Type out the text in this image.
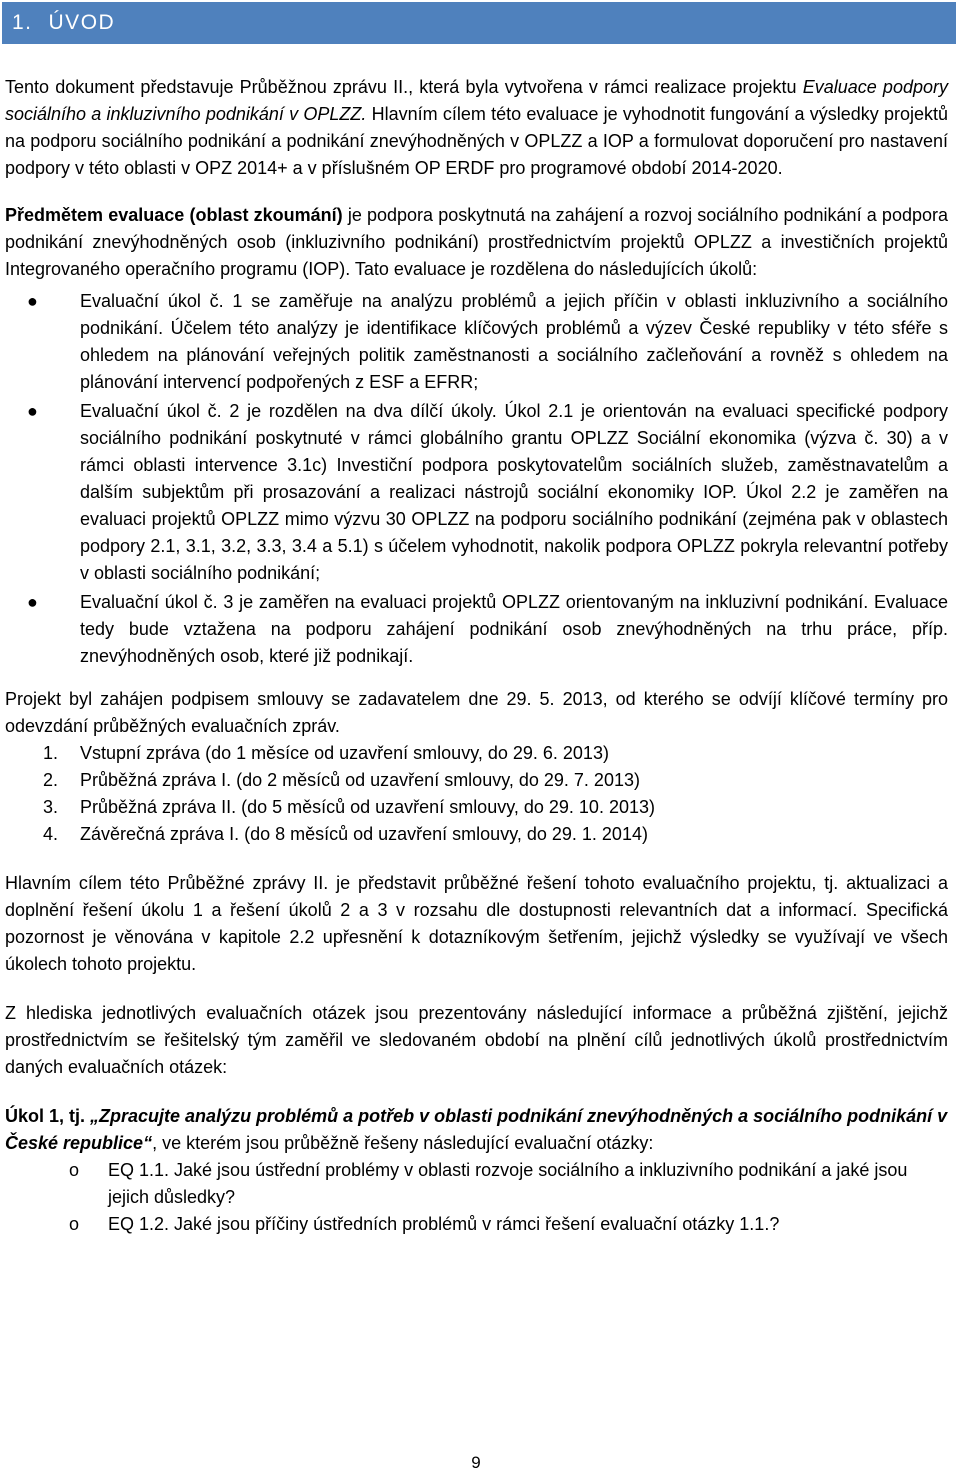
1. ÚVOD

Tento dokument představuje Průběžnou zprávu II., která byla vytvořena v rámci realizace projektu Evaluace podpory sociálního a inkluzivního podnikání v OPLZZ. Hlavním cílem této evaluace je vyhodnotit fungování a výsledky projektů na podporu sociálního podnikání a podnikání znevýhodněných v OPLZZ a IOP a formulovat doporučení pro nastavení podpory v této oblasti v OPZ 2014+ a v příslušném OP ERDF pro programové období 2014-2020.

Předmětem evaluace (oblast zkoumání) je podpora poskytnutá na zahájení a rozvoj sociálního podnikání a podpora podnikání znevýhodněných osob (inkluzivního podnikání) prostřednictvím projektů OPLZZ a investičních projektů Integrovaného operačního programu (IOP). Tato evaluace je rozdělena do následujících úkolů:

● Evaluační úkol č. 1 se zaměřuje na analýzu problémů a jejich příčin v oblasti inkluzivního a sociálního podnikání. Účelem této analýzy je identifikace klíčových problémů a výzev České republiky v této sféře s ohledem na plánování veřejných politik zaměstnanosti a sociálního začleňování a rovněž s ohledem na plánování intervencí podpořených z ESF a EFRR;
● Evaluační úkol č. 2 je rozdělen na dva dílčí úkoly. Úkol 2.1 je orientován na evaluaci specifické podpory sociálního podnikání poskytnuté v rámci globálního grantu OPLZZ Sociální ekonomika (výzva č. 30) a v rámci oblasti intervence 3.1c) Investiční podpora poskytovatelům sociálních služeb, zaměstnavatelům a dalším subjektům při prosazování a realizaci nástrojů sociální ekonomiky IOP. Úkol 2.2 je zaměřen na evaluaci projektů OPLZZ mimo výzvu 30 OPLZZ na podporu sociálního podnikání (zejména pak v oblastech podpory 2.1, 3.1, 3.2, 3.3, 3.4 a 5.1) s účelem vyhodnotit, nakolik podpora OPLZZ pokryla relevantní potřeby v oblasti sociálního podnikání;
● Evaluační úkol č. 3 je zaměřen na evaluaci projektů OPLZZ orientovaným na inkluzivní podnikání. Evaluace tedy bude vztažena na podporu zahájení podnikání osob znevýhodněných na trhu práce, příp. znevýhodněných osob, které již podnikají.

Projekt byl zahájen podpisem smlouvy se zadavatelem dne 29. 5. 2013, od kterého se odvíjí klíčové termíny pro odevzdání průběžných evaluačních zpráv.

1. Vstupní zpráva (do 1 měsíce od uzavření smlouvy, do 29. 6. 2013)
2. Průběžná zpráva I. (do 2 měsíců od uzavření smlouvy, do 29. 7. 2013)
3. Průběžná zpráva II. (do 5 měsíců od uzavření smlouvy, do 29. 10. 2013)
4. Závěrečná zpráva I. (do 8 měsíců od uzavření smlouvy, do 29. 1. 2014)

Hlavním cílem této Průběžné zprávy II. je představit průběžné řešení tohoto evaluačního projektu, tj. aktualizaci a doplnění řešení úkolu 1 a řešení úkolů 2 a 3 v rozsahu dle dostupnosti relevantních dat a informací. Specifická pozornost je věnována v kapitole 2.2 upřesnění k dotazníkovým šetřením, jejichž výsledky se využívají ve všech úkolech tohoto projektu.

Z hlediska jednotlivých evaluačních otázek jsou prezentovány následující informace a průběžná zjištění, jejichž prostřednictvím se řešitelský tým zaměřil ve sledovaném období na plnění cílů jednotlivých úkolů prostřednictvím daných evaluačních otázek:

Úkol 1, tj. „Zpracujte analýzu problémů a potřeb v oblasti podnikání znevýhodněných a sociálního podnikání v České republice“, ve kterém jsou průběžně řešeny následující evaluační otázky:

o EQ 1.1. Jaké jsou ústřední problémy v oblasti rozvoje sociálního a inkluzivního podnikání a jaké jsou jejich důsledky?
o EQ 1.2. Jaké jsou příčiny ústředních problémů v rámci řešení evaluační otázky 1.1.?
9
